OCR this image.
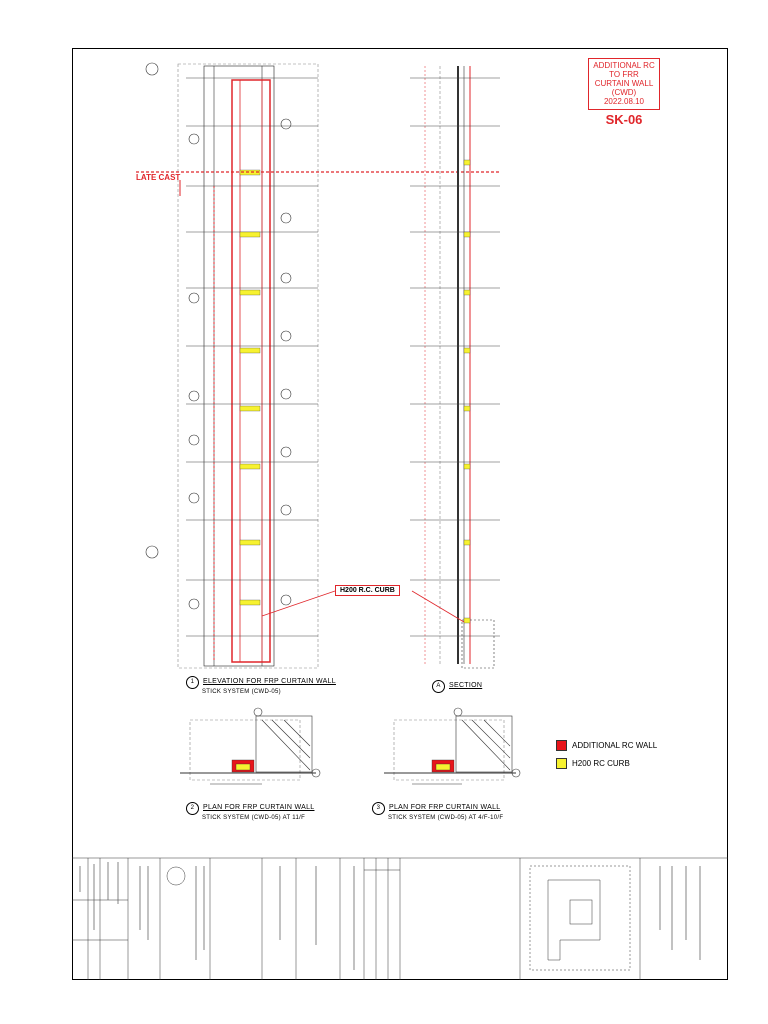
ADDITIONAL RC TO FRR
CURTAIN WALL (CWD)
2022.08.10
SK-06
LATE CAST
H200 R.C. CURB
1 ELEVATION FOR FRP CURTAIN WALL
STICK SYSTEM (CWD-05)
A SECTION
2 PLAN FOR FRP CURTAIN WALL
STICK SYSTEM (CWD-05) AT 11/F
3 PLAN FOR FRP CURTAIN WALL
STICK SYSTEM (CWD-05) AT 4/F-10/F
ADDITIONAL RC WALL
H200 RC CURB
